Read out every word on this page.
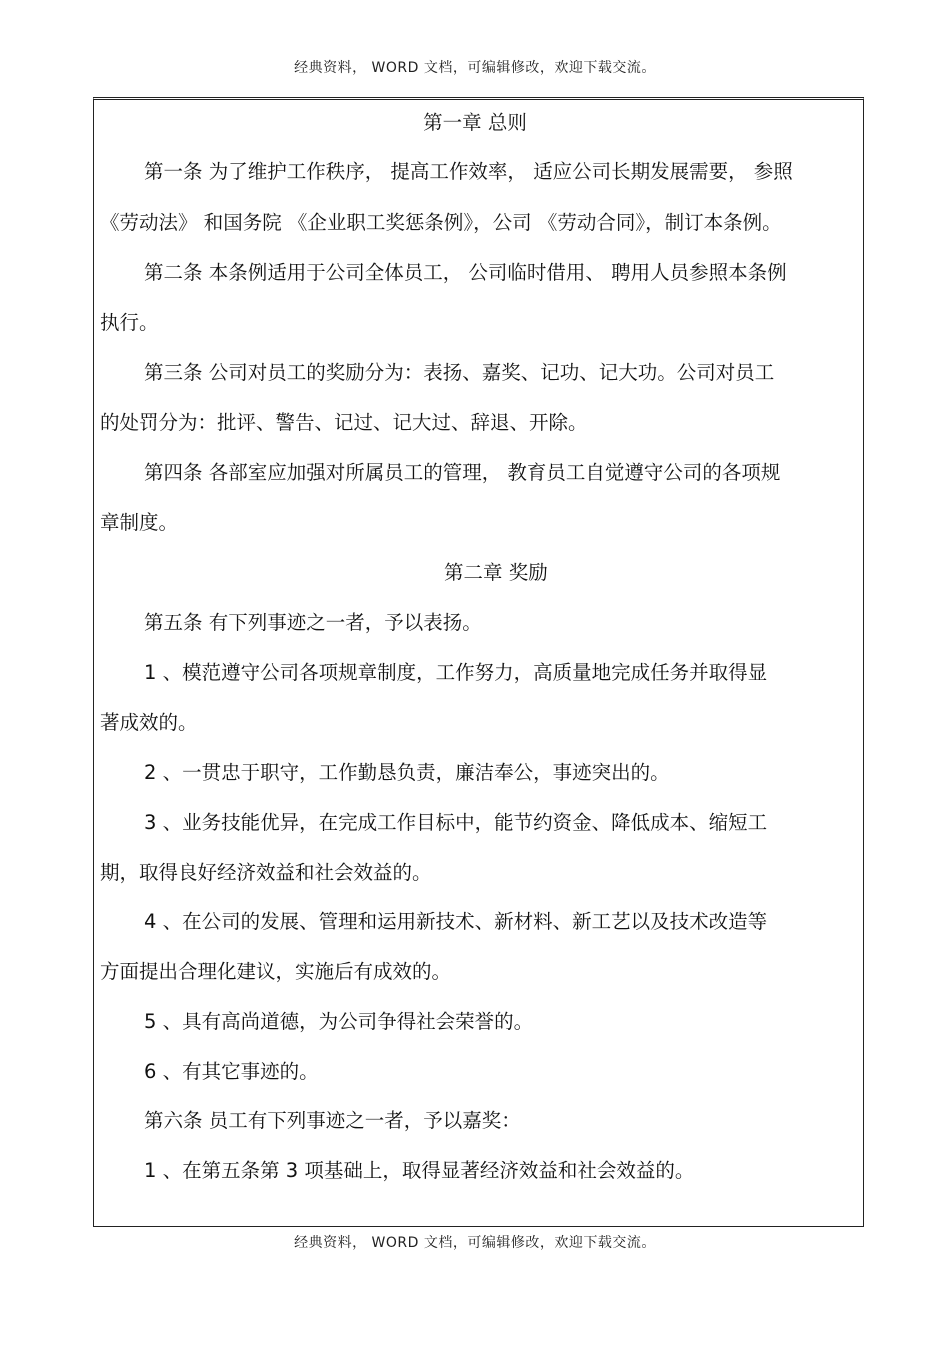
经典资料， WORD 文档，可编辑修改，欢迎下载交流。
第一章 总则
第一条 为了维护工作秩序， 提高工作效率， 适应公司长期发展需要， 参照
《劳动法》 和国务院 《企业职工奖惩条例》，公司 《劳动合同》，制订本条例。
第二条 本条例适用于公司全体员工， 公司临时借用、 聘用人员参照本条例
执行。
第三条 公司对员工的奖励分为：表扬、嘉奖、记功、记大功。公司对员工
的处罚分为：批评、警告、记过、记大过、辞退、开除。
第四条 各部室应加强对所属员工的管理， 教育员工自觉遵守公司的各项规
章制度。
第二章 奖励
第五条 有下列事迹之一者，予以表扬。
1 、模范遵守公司各项规章制度，工作努力，高质量地完成任务并取得显
著成效的。
2 、一贯忠于职守，工作勤恳负责，廉洁奉公，事迹突出的。
3 、业务技能优异，在完成工作目标中，能节约资金、降低成本、缩短工
期，取得良好经济效益和社会效益的。
4 、在公司的发展、管理和运用新技术、新材料、新工艺以及技术改造等
方面提出合理化建议，实施后有成效的。
5 、具有高尚道德，为公司争得社会荣誉的。
6 、有其它事迹的。
第六条 员工有下列事迹之一者，予以嘉奖：
1 、在第五条第 3 项基础上，取得显著经济效益和社会效益的。
经典资料， WORD 文档，可编辑修改，欢迎下载交流。
